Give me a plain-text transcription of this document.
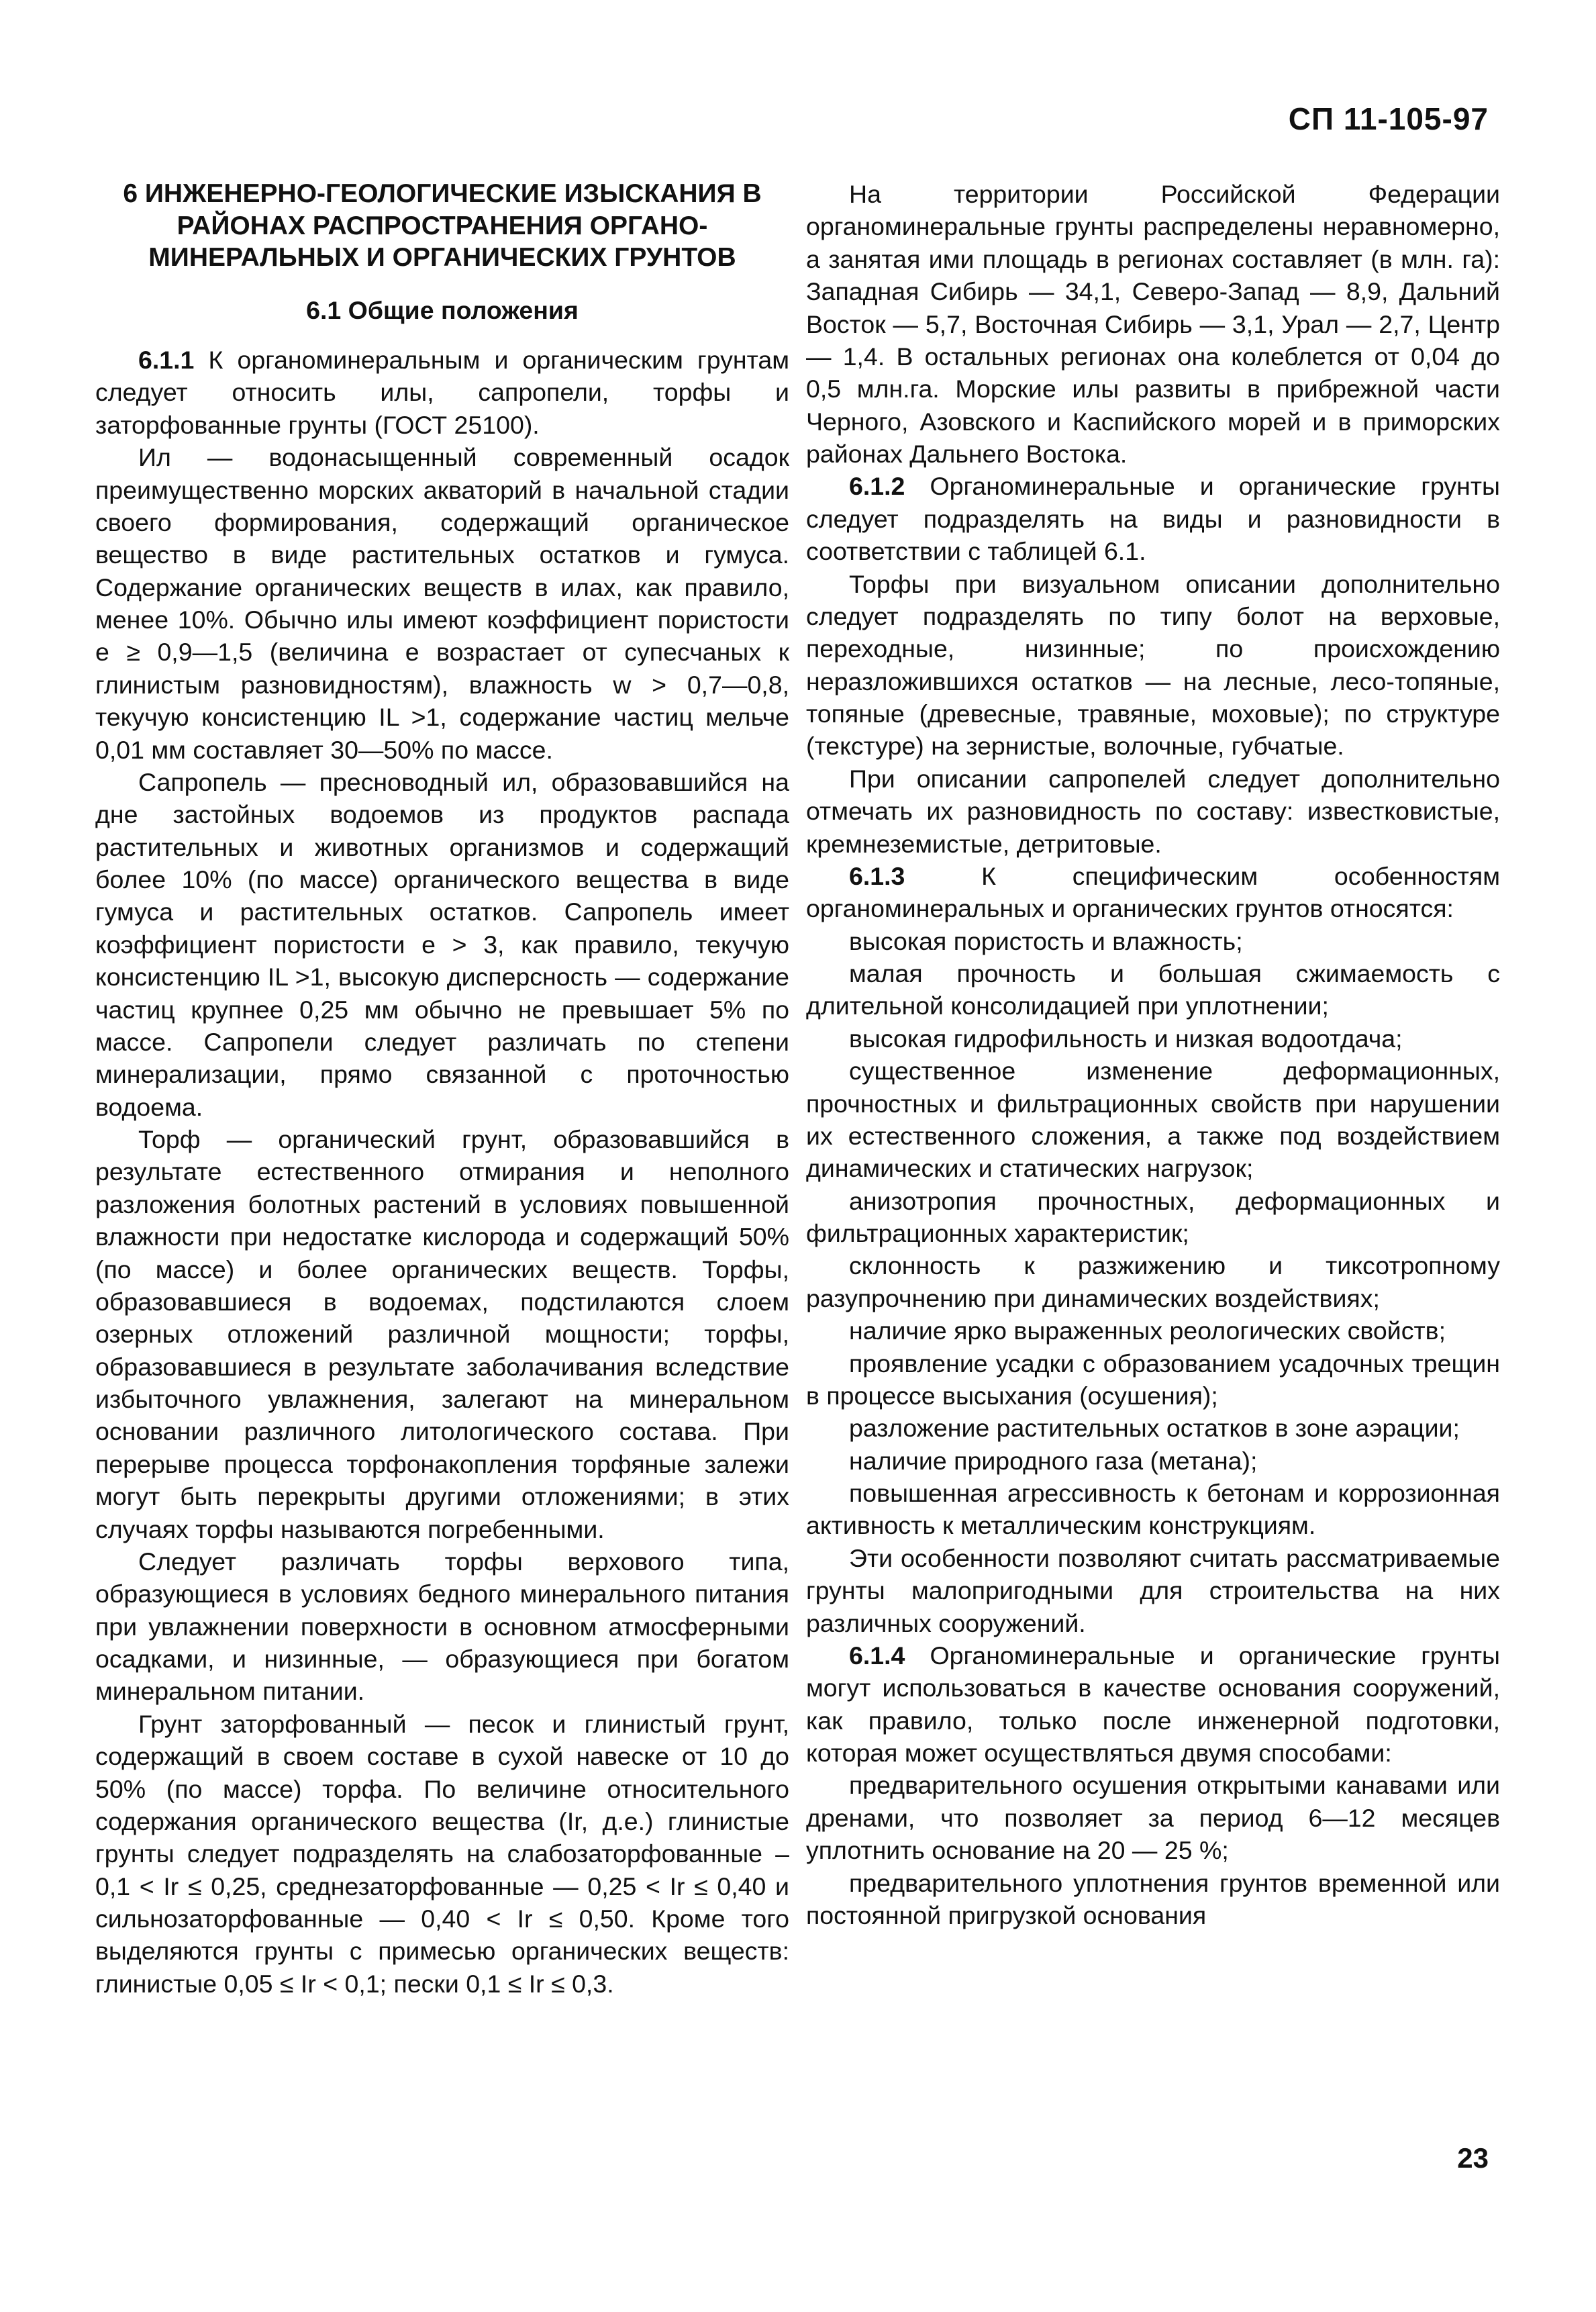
СП 11-105-97
6 ИНЖЕНЕРНО-ГЕОЛОГИЧЕСКИЕ ИЗЫСКАНИЯ В РАЙОНАХ РАСПРОСТРАНЕНИЯ ОРГАНО-МИНЕРАЛЬНЫХ И ОРГАНИЧЕСКИХ ГРУНТОВ
6.1 Общие положения

6.1.1 К органоминеральным и органическим грунтам следует относить илы, сапропели, торфы и заторфованные грунты (ГОСТ 25100).

Ил — водонасыщенный современный осадок преимущественно морских акваторий в начальной стадии своего формирования, содержащий органическое вещество в виде растительных остатков и гумуса. Содержание органических веществ в илах, как правило, менее 10%. Обычно илы имеют коэффициент пористости e ≥ 0,9—1,5 (величина e возрастает от супесчаных к глинистым разновидностям), влажность w > 0,7—0,8, текучую консистенцию IL >1, содержание частиц мельче 0,01 мм составляет 30—50% по массе.

Сапропель — пресноводный ил, образовавшийся на дне застойных водоемов из продуктов распада растительных и животных организмов и содержащий более 10% (по массе) органического вещества в виде гумуса и растительных остатков. Сапропель имеет коэффициент пористости e > 3, как правило, текучую консистенцию IL >1, высокую дисперсность — содержание частиц крупнее 0,25 мм обычно не превышает 5% по массе. Сапропели следует различать по степени минерализации, прямо связанной с проточностью водоема.

Торф — органический грунт, образовавшийся в результате естественного отмирания и неполного разложения болотных растений в условиях повышенной влажности при недостатке кислорода и содержащий 50% (по массе) и более органических веществ. Торфы, образовавшиеся в водоемах, подстилаются слоем озерных отложений различной мощности; торфы, образовавшиеся в результате заболачивания вследствие избыточного увлажнения, залегают на минеральном основании различного литологического состава. При перерыве процесса торфонакопления торфяные залежи могут быть перекрыты другими отложениями; в этих случаях торфы называются погребенными.

Следует различать торфы верхового типа, образующиеся в условиях бедного минерального питания при увлажнении поверхности в основном атмосферными осадками, и низинные, — образующиеся при богатом минеральном питании.

Грунт заторфованный — песок и глинистый грунт, содержащий в своем составе в сухой навеске от 10 до 50% (по массе) торфа. По величине относительного содержания органического вещества (Ir, д.е.) глинистые грунты следует подразделять на слабозаторфованные – 0,1 < Ir ≤ 0,25, среднезаторфованные — 0,25 < Ir ≤ 0,40 и сильнозаторфованные — 0,40 < Ir ≤ 0,50. Кроме того выделяются грунты с примесью органических веществ: глинистые 0,05 ≤ Ir < 0,1; пески 0,1 ≤ Ir ≤ 0,3.

На территории Российской Федерации органоминеральные грунты распределены неравномерно, а занятая ими площадь в регионах составляет (в млн. га): Западная Сибирь — 34,1, Северо-Запад — 8,9, Дальний Восток — 5,7, Восточная Сибирь — 3,1, Урал — 2,7, Центр — 1,4. В остальных регионах она колеблется от 0,04 до 0,5 млн.га. Морские илы развиты в прибрежной части Черного, Азовского и Каспийского морей и в приморских районах Дальнего Востока.

6.1.2 Органоминеральные и органические грунты следует подразделять на виды и разновидности в соответствии с таблицей 6.1.

Торфы при визуальном описании дополнительно следует подразделять по типу болот на верховые, переходные, низинные; по происхождению неразложившихся остатков — на лесные, лесо-топяные, топяные (древесные, травяные, моховые); по структуре (текстуре) на зернистые, волочные, губчатые.

При описании сапропелей следует дополнительно отмечать их разновидность по составу: известковистые, кремнеземистые, детритовые.

6.1.3 К специфическим особенностям органоминеральных и органических грунтов относятся:

высокая пористость и влажность;

малая прочность и большая сжимаемость с длительной консолидацией при уплотнении;

высокая гидрофильность и низкая водоотдача;

существенное изменение деформационных, прочностных и фильтрационных свойств при нарушении их естественного сложения, а также под воздействием динамических и статических нагрузок;

анизотропия прочностных, деформационных и фильтрационных характеристик;

склонность к разжижению и тиксотропному разупрочнению при динамических воздействиях;

наличие ярко выраженных реологических свойств;

проявление усадки с образованием усадочных трещин в процессе высыхания (осушения);

разложение растительных остатков в зоне аэрации;

наличие природного газа (метана);

повышенная агрессивность к бетонам и коррозионная активность к металлическим конструкциям.

Эти особенности позволяют считать рассматриваемые грунты малопригодными для строительства на них различных сооружений.

6.1.4 Органоминеральные и органические грунты могут использоваться в качестве основания сооружений, как правило, только после инженерной подготовки, которая может осуществляться двумя способами:

предварительного осушения открытыми канавами или дренами, что позволяет за период 6—12 месяцев уплотнить основание на 20 — 25 %;

предварительного уплотнения грунтов временной или постоянной пригрузкой основания

23
